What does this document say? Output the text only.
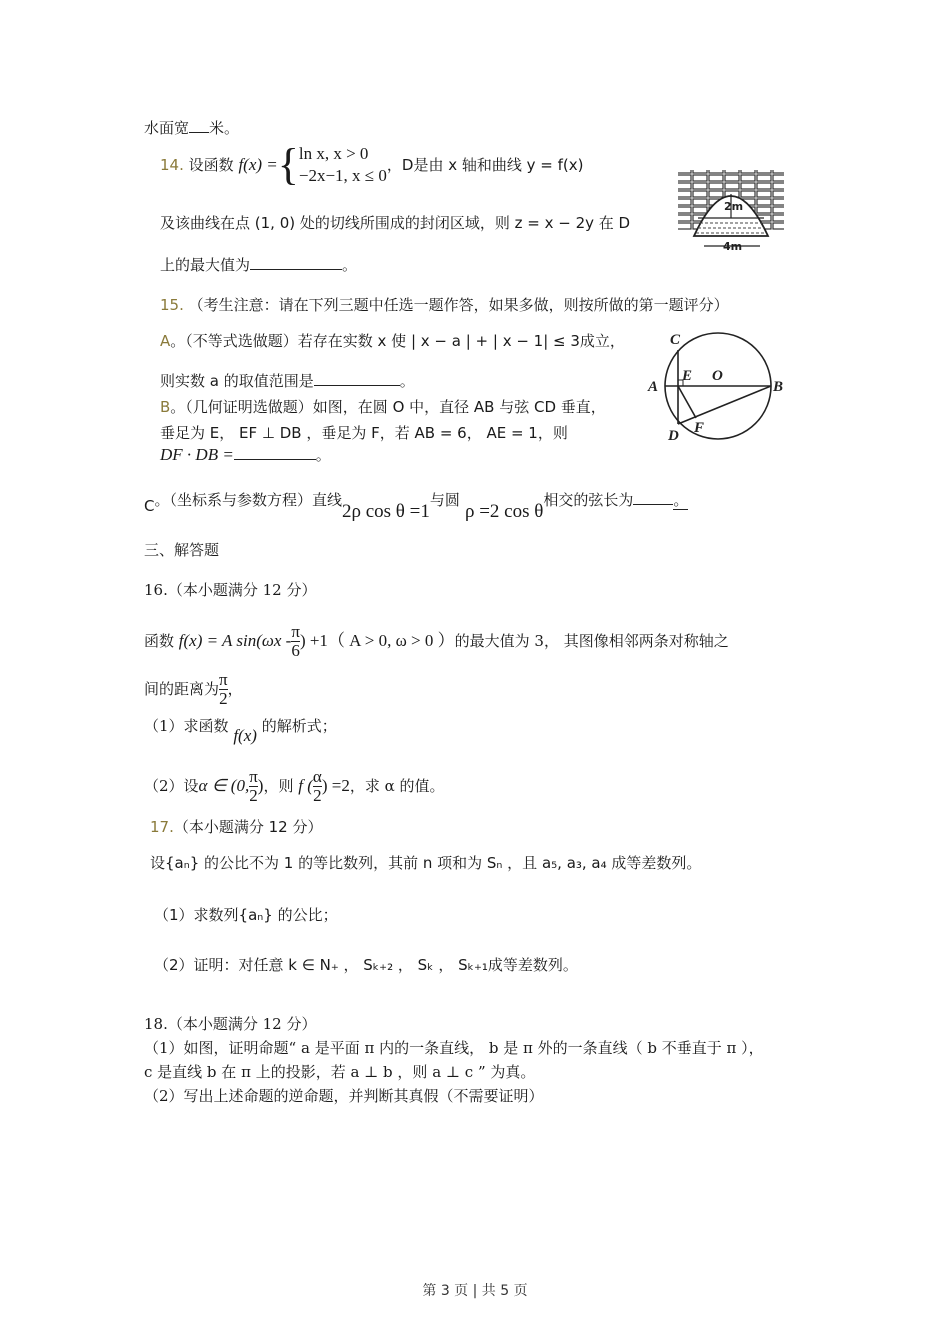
水面宽 米。
14.
设函数
f(x) = { ln x, x > 0
−2x−1, x ≤ 0
，D是由 x 轴和曲线 y = f(x)
及该曲线在点 (1, 0) 处的切线所围成的封闭区域，则 z = x − 2y 在 D
上的最大值为	。
2m
4m
15. （考生注意：请在下列三题中任选一题作答，如果多做，则按所做的第一题评分）
A。（不等式选做题）若存在实数 x 使 | x − a | + | x − 1| ≤ 3成立，
则实数 a 的取值范围是	。
B。（几何证明选做题）如图，在圆 O 中，直径 AB 与弦 CD 垂直，
垂足为 E， EF ⊥ DB ，垂足为 F，若 AB = 6， AE = 1，则
DF · DB =	。
C
E O
A	B
D F
C。（坐标系与参数方程）直线2ρ cos θ =1与圆 ρ =2 cos θ相交的弦长为	。
三、解答题
16.（本小题满分 12 分）
函数
f(x) = A $\sin(\omega x - \frac{\pi}{6}$ ) +1 （ A > 0, ω > 0 ） 的最大值为 3， 其图像相邻两条对称轴之
间的距离为 $\frac{\pi}{2}$ ，
（1）求函数 f(x) 的解析式；
（2）设 α ∈ (0, $\frac{\pi}{2}$ ) ，则
f ( $\frac{\alpha}{2}$ ) =2 ，求 α 的值。
17.（本小题满分 12 分）
设{aₙ} 的公比不为 1 的等比数列，其前 n 项和为 Sₙ ，且 a₅, a₃, a₄ 成等差数列。
（1）求数列{aₙ} 的公比；
（2）证明：对任意 k ∈ N₊ ， Sₖ₊₂ ， Sₖ ， Sₖ₊₁成等差数列。
18.（本小题满分 12 分）
（1）如图，证明命题“ a 是平面 π 内的一条直线， b 是 π 外的一条直线（ b 不垂直于 π ），
c 是直线 b 在 π 上的投影，若 a ⊥ b ，则 a ⊥ c ” 为真。
（2）写出上述命题的逆命题，并判断其真假（不需要证明）
第 3 页 | 共 5 页
